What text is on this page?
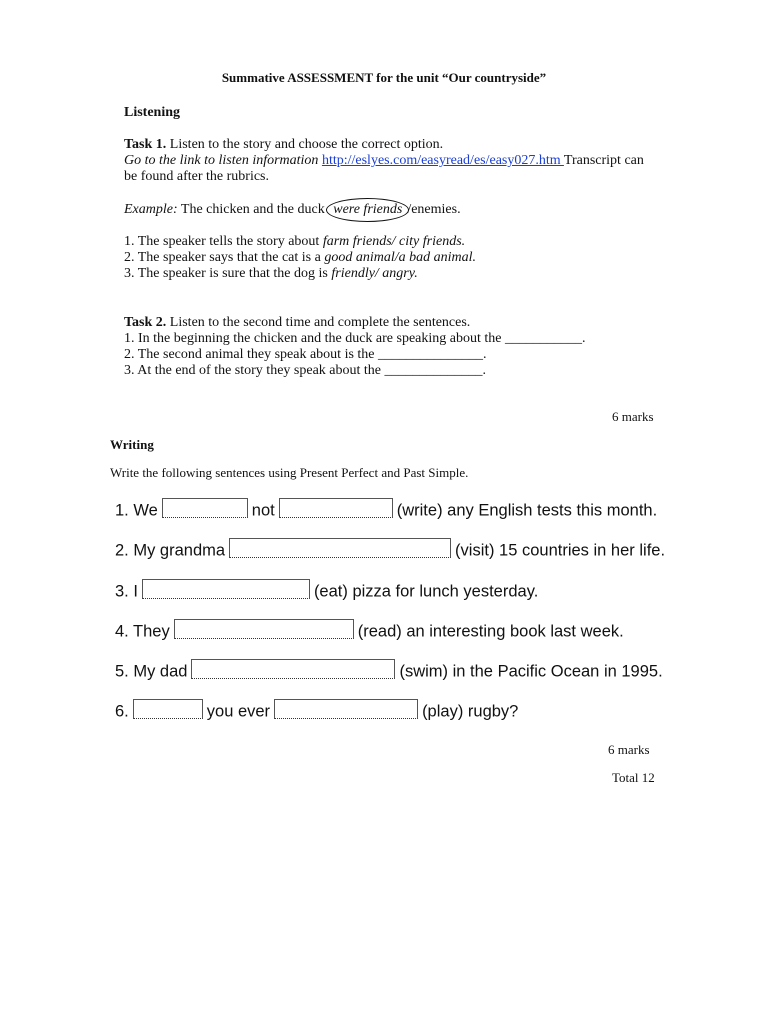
Summative ASSESSMENT for the unit “Our countryside”
Listening
Task 1. Listen to the story and choose the correct option.
Go to the link to listen information http://eslyes.com/easyread/es/easy027.htm Transcript can
be found after the rubrics.
Example: The chicken and the duck were friends /enemies.
1. The speaker tells the story about farm friends/ city friends.
2. The speaker says that the cat is a good animal/a bad animal.
3. The speaker is sure that the dog is friendly/ angry.
Task 2. Listen to the second time and complete the sentences.
1. In the beginning the chicken and the duck are speaking about the ___________.
2. The second animal they speak about is the _______________.
3. At the end of the story they speak about the ______________.
6 marks
Writing
Write the following sentences using Present Perfect and Past Simple.
1. We	not	(write) any English tests this month.
2. My grandma	(visit) 15 countries in her life.
3. I	(eat) pizza for lunch yesterday.
4. They	(read) an interesting book last week.
5. My dad	(swim) in the Pacific Ocean in 1995.
6.	you ever	(play) rugby?
6 marks
Total 12
